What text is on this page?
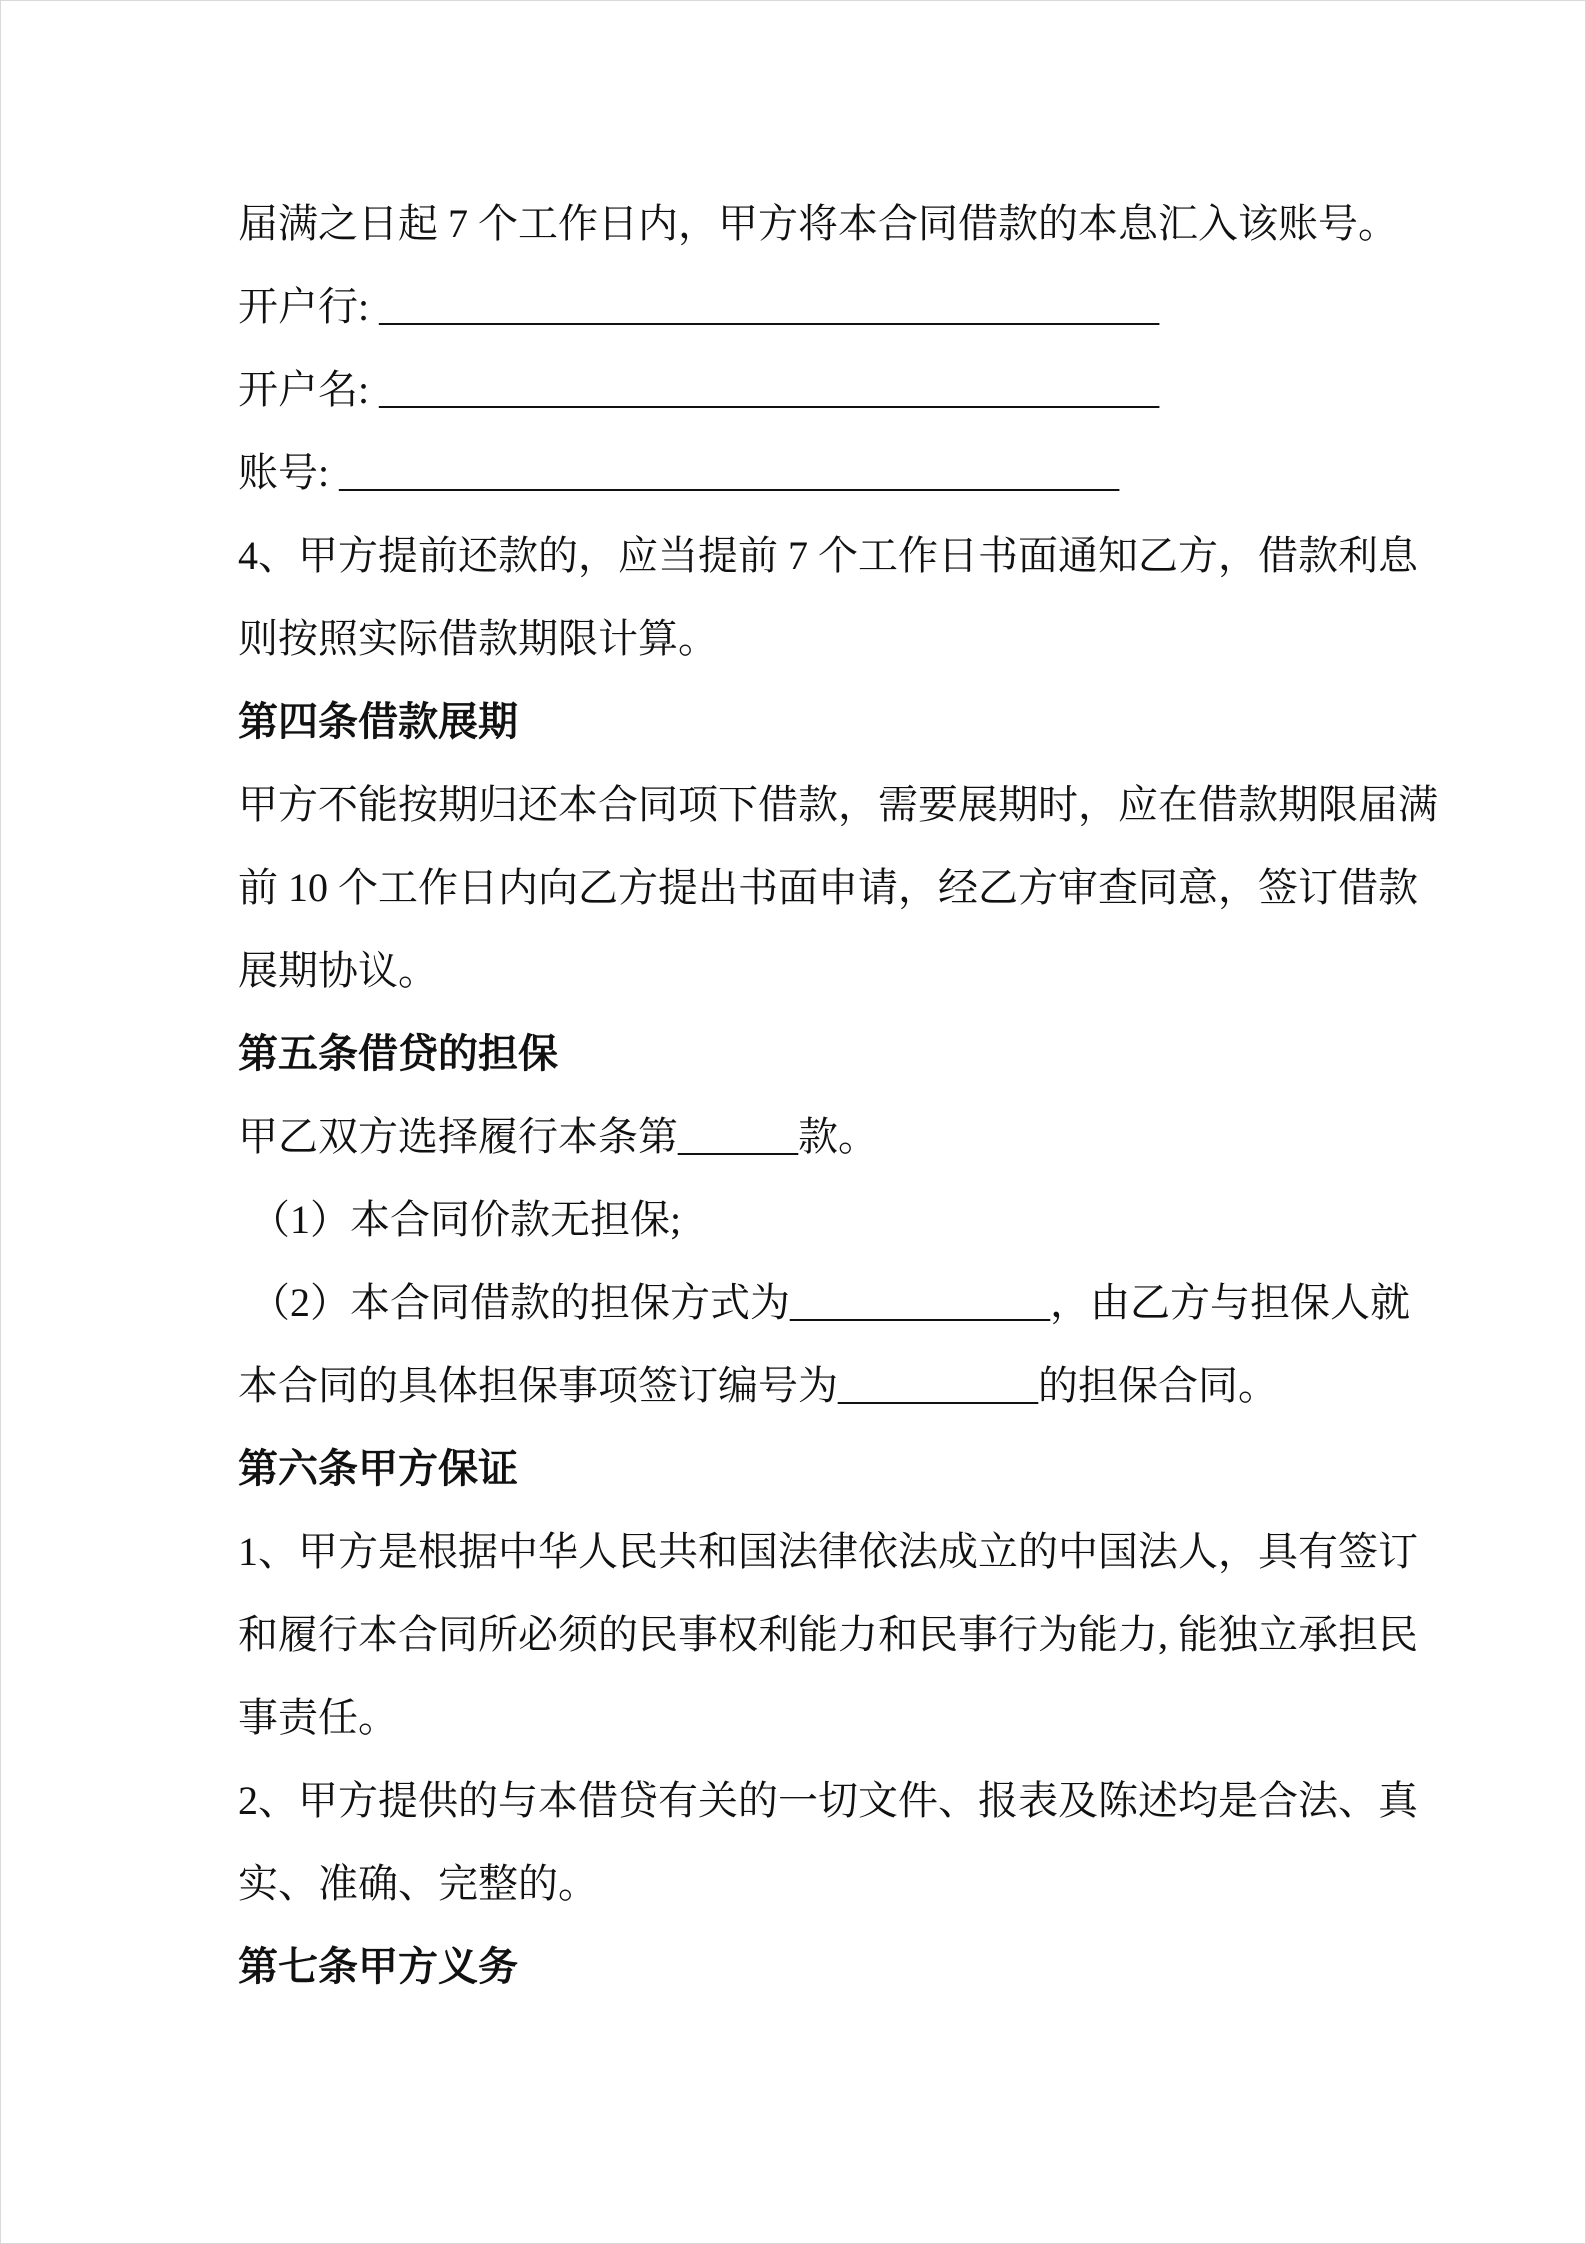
届满之日起 7 个工作日内，甲方将本合同借款的本息汇入该账号。
开户行: _______________________________________
开户名: _______________________________________
账号: _______________________________________
4、甲方提前还款的，应当提前 7 个工作日书面通知乙方，借款利息
则按照实际借款期限计算。
第四条借款展期
甲方不能按期归还本合同项下借款，需要展期时，应在借款期限届满
前 10 个工作日内向乙方提出书面申请，经乙方审查同意，签订借款
展期协议。
第五条借贷的担保
甲乙双方选择履行本条第______款。
（1）本合同价款无担保;
（2）本合同借款的担保方式为_____________，由乙方与担保人就
本合同的具体担保事项签订编号为__________的担保合同。
第六条甲方保证
1、甲方是根据中华人民共和国法律依法成立的中国法人，具有签订
和履行本合同所必须的民事权利能力和民事行为能力, 能独立承担民
事责任。
2、甲方提供的与本借贷有关的一切文件、报表及陈述均是合法、真
实、准确、完整的。
第七条甲方义务
